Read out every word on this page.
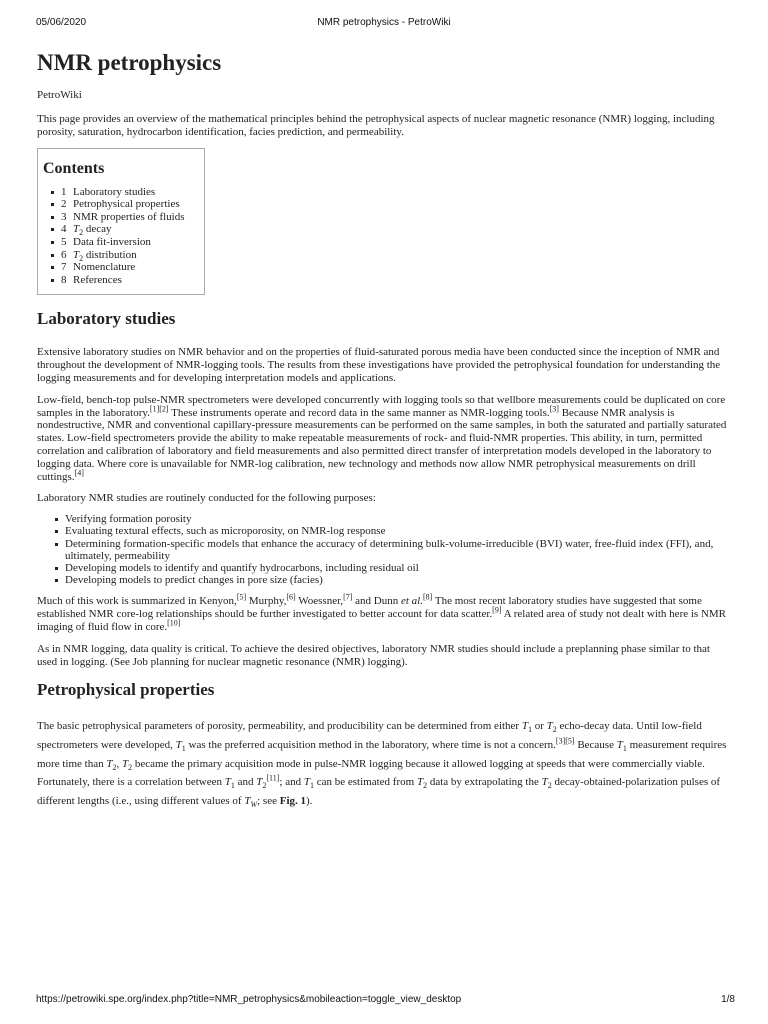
05/06/2020	NMR petrophysics - PetroWiki
NMR petrophysics
PetroWiki

This page provides an overview of the mathematical principles behind the petrophysical aspects of nuclear magnetic resonance (NMR) logging, including porosity, saturation, hydrocarbon identification, facies prediction, and permeability.

Contents
1 Laboratory studies
2 Petrophysical properties
3 NMR properties of fluids
4 $T_2$ decay
5 Data fit-inversion
6 $T_2$ distribution
7 Nomenclature
8 References
Laboratory studies

Extensive laboratory studies on NMR behavior and on the properties of fluid-saturated porous media have been conducted since the inception of NMR and throughout the development of NMR-logging tools. The results from these investigations have provided the petrophysical foundation for understanding the logging measurements and for developing interpretation models and applications.

Low-field, bench-top pulse-NMR spectrometers were developed concurrently with logging tools so that wellbore measurements could be duplicated on core samples in the laboratory.[1][2] These instruments operate and record data in the same manner as NMR-logging tools.[3] Because NMR analysis is nondestructive, NMR and conventional capillary-pressure measurements can be performed on the same samples, in both the saturated and partially saturated states. Low-field spectrometers provide the ability to make repeatable measurements of rock- and fluid-NMR properties. This ability, in turn, permitted correlation and calibration of laboratory and field measurements and also permitted direct transfer of interpretation models developed in the laboratory to logging data. Where core is unavailable for NMR-log calibration, new technology and methods now allow NMR petrophysical measurements on drill cuttings.[4]

Laboratory NMR studies are routinely conducted for the following purposes:

Verifying formation porosity
Evaluating textural effects, such as microporosity, on NMR-log response
Determining formation-specific models that enhance the accuracy of determining bulk-volume-irreducible (BVI) water, free-fluid index (FFI), and, ultimately, permeability
Developing models to identify and quantify hydrocarbons, including residual oil
Developing models to predict changes in pore size (facies)

Much of this work is summarized in Kenyon,[5] Murphy,[6] Woessner,[7] and Dunn et al.[8] The most recent laboratory studies have suggested that some established NMR core-log relationships should be further investigated to better account for data scatter.[9] A related area of study not dealt with here is NMR imaging of fluid flow in core.[10]

As in NMR logging, data quality is critical. To achieve the desired objectives, laboratory NMR studies should include a preplanning phase similar to that used in logging. (See Job planning for nuclear magnetic resonance (NMR) logging).

Petrophysical properties

The basic petrophysical parameters of porosity, permeability, and producibility can be determined from either $T_1$ or $T_2$ echo-decay data. Until low-field spectrometers were developed, $T_1$ was the preferred acquisition method in the laboratory, where time is not a concern.[3][5] Because $T_1$ measurement requires more time than $T_2$, $T_2$ became the primary acquisition mode in pulse-NMR logging because it allowed logging at speeds that were commercially viable. Fortunately, there is a correlation between $T_1$ and $T_2[11]$; and $T_1$ can be estimated from $T_2$ data by extrapolating the $T_2$ decay-obtained-polarization pulses of different lengths (i.e., using different values of $T_W$; see Fig. 1).

https://petrowiki.spe.org/index.php?title=NMR_petrophysics&mobileaction=toggle_view_desktop	1/8
